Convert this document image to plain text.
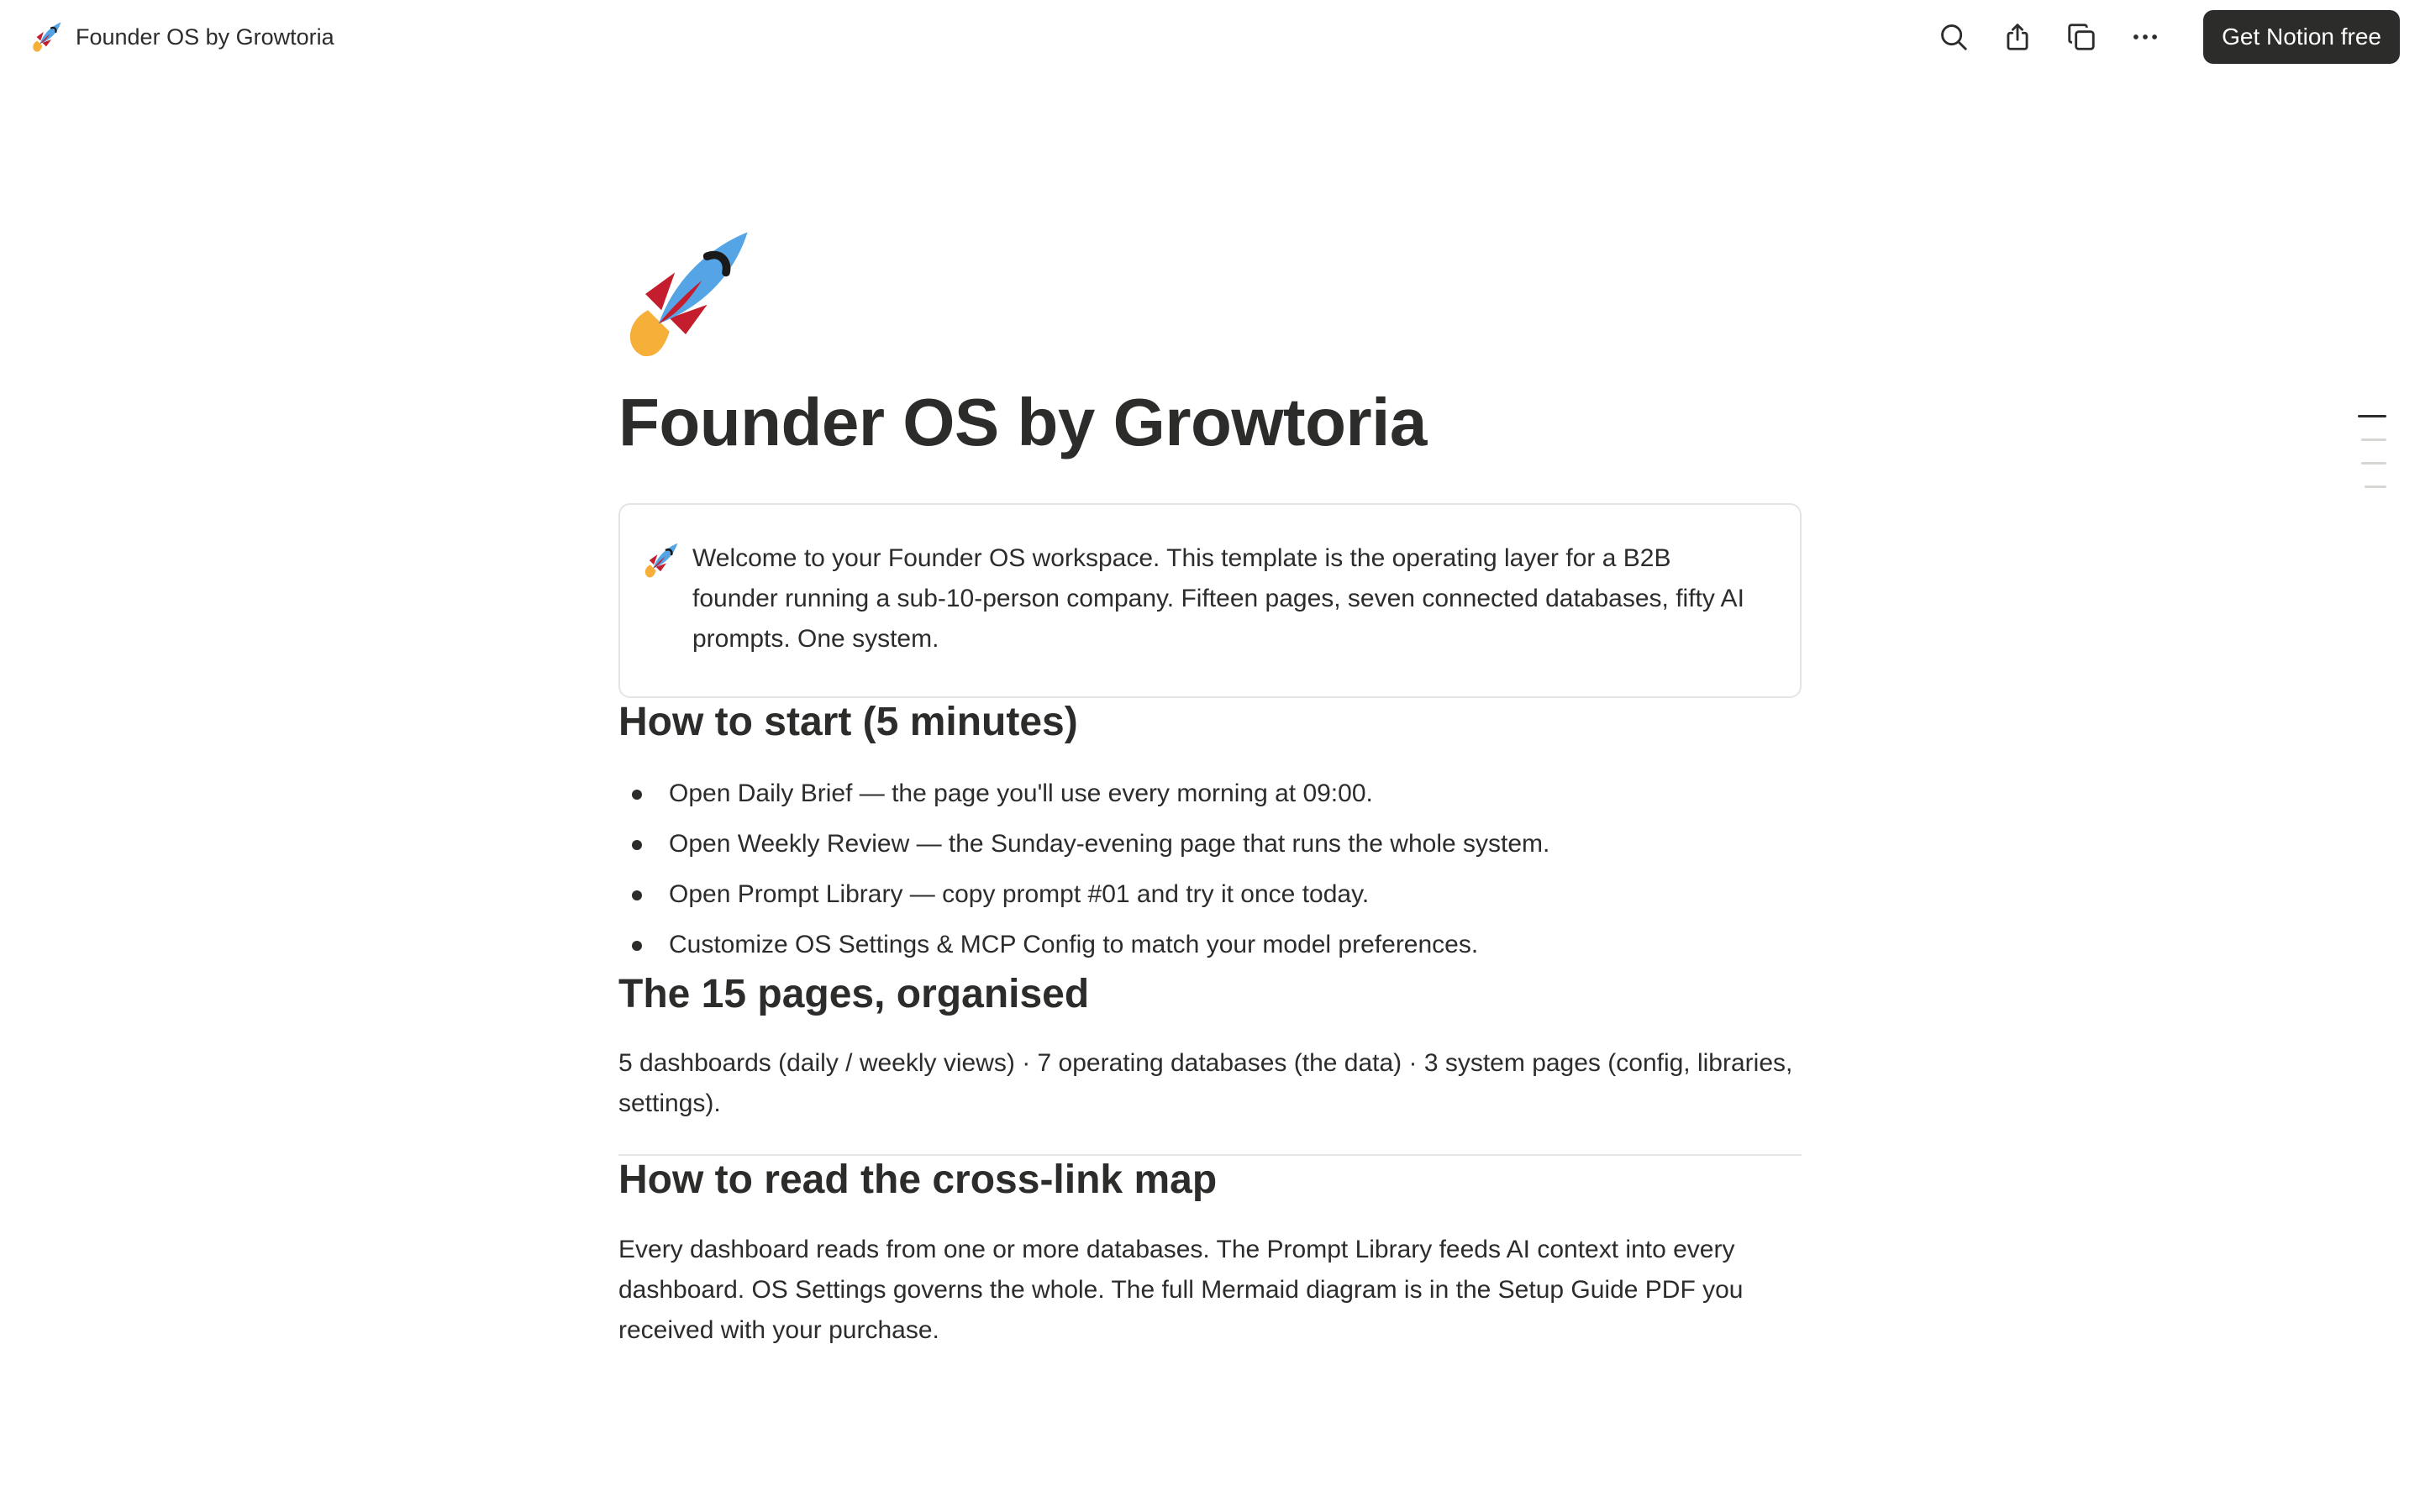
Founder OS by Growtoria	Get Notion free
Founder OS by Growtoria
Welcome to your Founder OS workspace. This template is the operating layer for a B2B founder running a sub-10-person company. Fifteen pages, seven connected databases, fifty AI prompts. One system.
How to start (5 minutes)
Open Daily Brief — the page you'll use every morning at 09:00.
Open Weekly Review — the Sunday-evening page that runs the whole system.
Open Prompt Library — copy prompt #01 and try it once today.
Customize OS Settings & MCP Config to match your model preferences.
The 15 pages, organised

5 dashboards (daily / weekly views) · 7 operating databases (the data) · 3 system pages (config, libraries, settings).

How to read the cross-link map

Every dashboard reads from one or more databases. The Prompt Library feeds AI context into every dashboard. OS Settings governs the whole. The full Mermaid diagram is in the Setup Guide PDF you received with your purchase.
